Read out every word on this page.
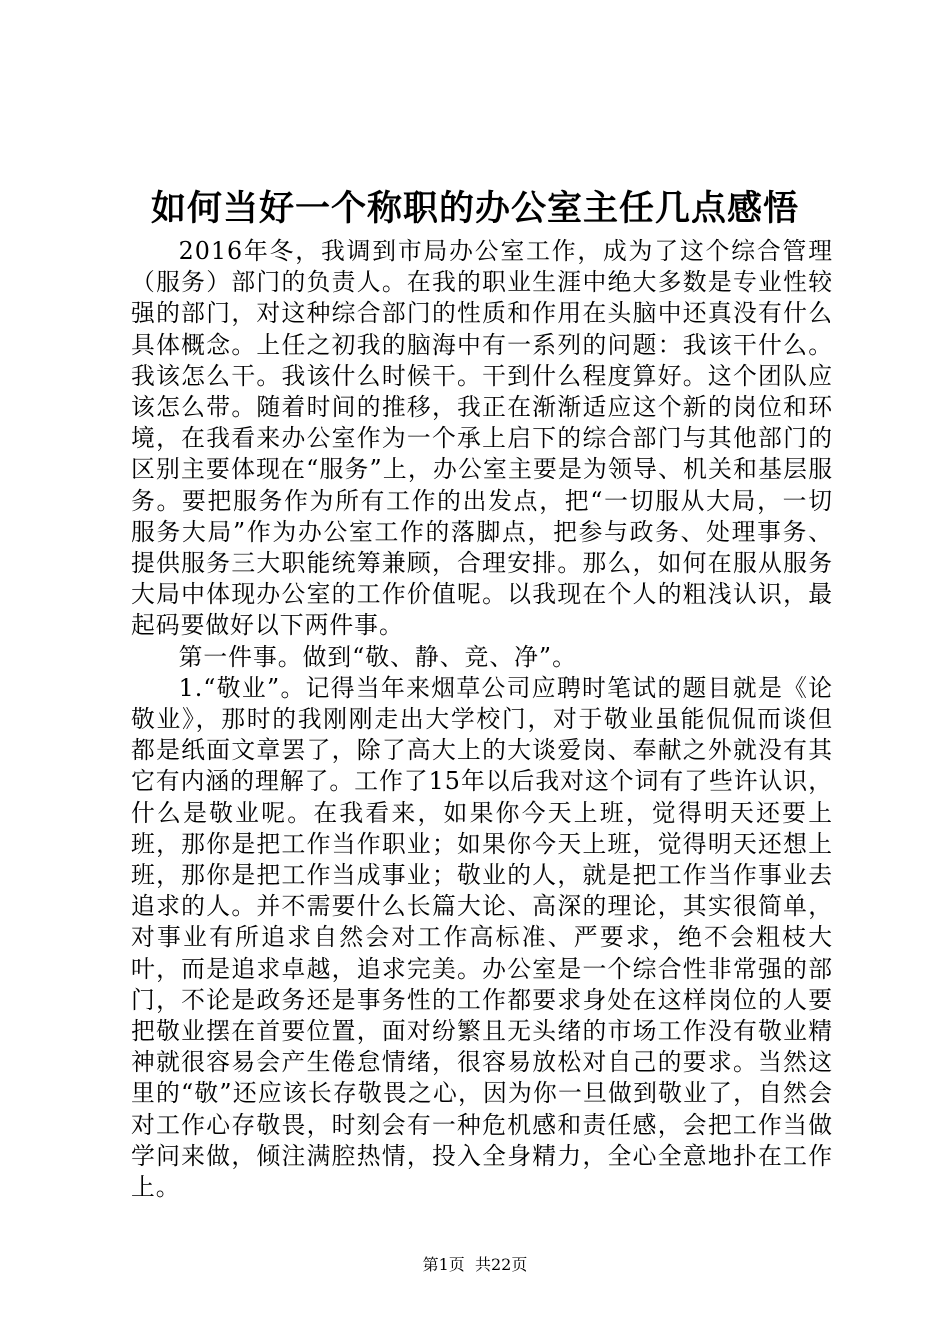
如何当好一个称职的办公室主任几点感悟

2016年冬，我调到市局办公室工作，成为了这个综合管理（服务）部门的负责人。在我的职业生涯中绝大多数是专业性较强的部门，对这种综合部门的性质和作用在头脑中还真没有什么具体概念。上任之初我的脑海中有一系列的问题：我该干什么。我该怎么干。我该什么时候干。干到什么程度算好。这个团队应该怎么带。随着时间的推移，我正在渐渐适应这个新的岗位和环境，在我看来办公室作为一个承上启下的综合部门与其他部门的区别主要体现在“服务”上，办公室主要是为领导、机关和基层服务。要把服务作为所有工作的出发点，把“一切服从大局，一切服务大局”作为办公室工作的落脚点，把参与政务、处理事务、提供服务三大职能统筹兼顾，合理安排。那么，如何在服从服务大局中体现办公室的工作价值呢。以我现在个人的粗浅认识，最起码要做好以下两件事。

第一件事。做到“敬、静、竞、净”。

1.“敬业”。记得当年来烟草公司应聘时笔试的题目就是《论敬业》，那时的我刚刚走出大学校门，对于敬业虽能侃侃而谈但都是纸面文章罢了，除了高大上的大谈爱岗、奉献之外就没有其它有内涵的理解了。工作了15年以后我对这个词有了些许认识，什么是敬业呢。在我看来，如果你今天上班，觉得明天还要上班，那你是把工作当作职业；如果你今天上班，觉得明天还想上班，那你是把工作当成事业；敬业的人，就是把工作当作事业去追求的人。并不需要什么长篇大论、高深的理论，其实很简单，对事业有所追求自然会对工作高标准、严要求，绝不会粗枝大叶，而是追求卓越，追求完美。办公室是一个综合性非常强的部门，不论是政务还是事务性的工作都要求身处在这样岗位的人要把敬业摆在首要位置，面对纷繁且无头绪的市场工作没有敬业精神就很容易会产生倦怠情绪，很容易放松对自己的要求。当然这里的“敬”还应该长存敬畏之心，因为你一旦做到敬业了，自然会对工作心存敬畏，时刻会有一种危机感和责任感，会把工作当做学问来做，倾注满腔热情，投入全身精力，全心全意地扑在工作上。

第1页 共22页
